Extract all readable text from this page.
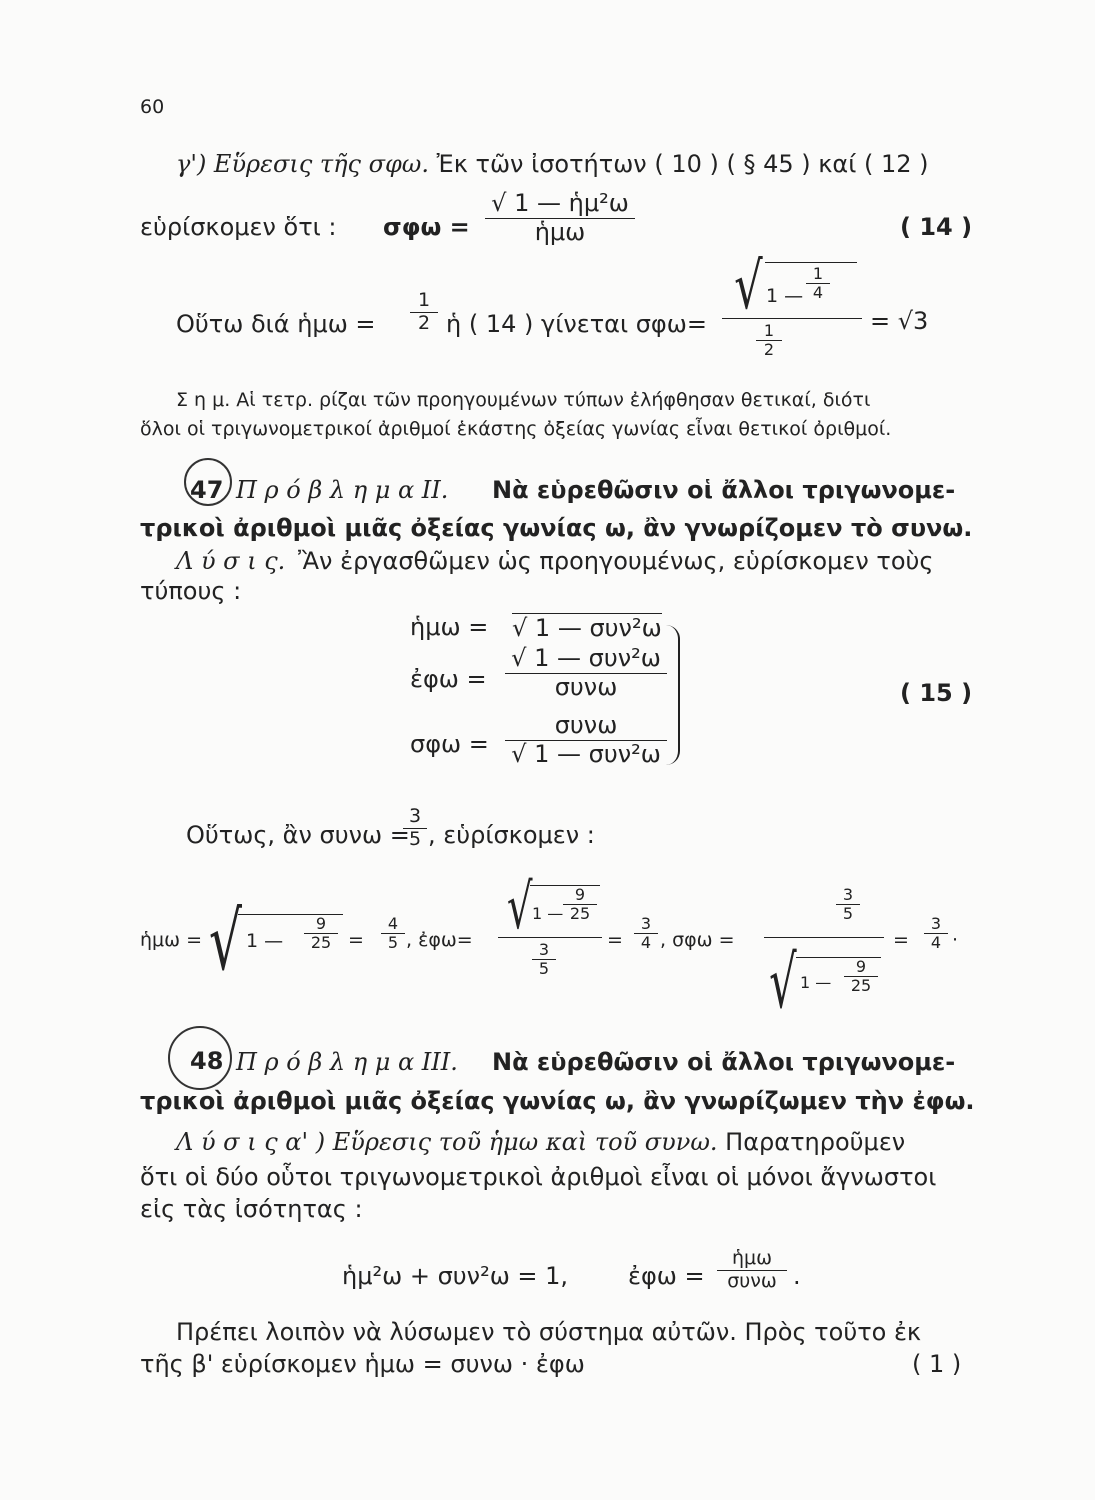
60
γ') Εὕρεσις τῆς σφω. Ἐκ τῶν ἰσοτήτων ( 10 ) ( § 45 ) καί ( 12 )
εὑρίσκομεν ὅτι : σφω =
√ 1 — ἡμ²ω
ἡμω	( 14 )
Οὕτω διά ἡμω = $\frac{1}{2}$ ἡ ( 14 ) γίνεται σφω= √ 1 — $\frac{1}{4}$
$\frac{1}{2}$
= √3
Σ η μ. Αἱ τετρ. ρίζαι τῶν προηγουμένων τύπων ἐλήφθησαν θετικαί, διότι
ὅλοι οἱ τριγωνομετρικοί ἀριθμοί ἑκάστης ὀξείας γωνίας εἶναι θετικοί ὀριθμοί.
47 Π ρ ό β λ η μ α II. Νὰ εὑρεθῶσιν οἱ ἄλλοι τριγωνομε-
τρικοὶ ἀριθμοὶ μιᾶς ὀξείας γωνίας ω, ἂν γνωρίζομεν τὸ συνω.
Λ ύ σ ι ς. Ἂν ἐργασθῶμεν ὡς προηγουμένως, εὑρίσκομεν τοὺς
τύπους :
ἡμω = √ 1 — συν²ω
ἐφω =
√ 1 — συν²ω
συνω
σφω =
συνω
√ 1 — συν²ω
( 15 )
Οὕτως, ἂν συνω =
$\frac{3}{5}$ , εὑρίσκομεν :
ἡμω = √ 1 — $\frac{9}{25} = \frac{4}{5}$ , ἐφω= √ 1 — $\frac{9}{25}$
$\frac{3}{5}$
= $\frac{3}{4}$ , σφω =
$\frac{3}{5}$
√ 1 — $\frac{9}{25}$
= $\frac{3}{4}$ ·
48 Π ρ ό β λ η μ α III. Νὰ εὑρεθῶσιν οἱ ἄλλοι τριγωνομε-
τρικοὶ ἀριθμοὶ μιᾶς ὀξείας γωνίας ω, ἂν γνωρίζωμεν τὴν ἐφω.
Λ ύ σ ι ς α' ) Εὕρεσις τοῦ ἡμω καὶ τοῦ συνω. Παρατηροῦμεν
ὅτι οἱ δύο οὗτοι τριγωνομετρικοὶ ἀριθμοὶ εἶναι οἱ μόνοι ἄγνωστοι
εἰς τὰς ἰσότητας :
ἡμ²ω + συν²ω = 1, ἐφω =
ἡμω
συνω .
Πρέπει λοιπὸν νὰ λύσωμεν τὸ σύστημα αὐτῶν. Πρὸς τοῦτο ἐκ
τῆς β' εὑρίσκομεν ἡμω = συνω · ἐφω	( 1 )
